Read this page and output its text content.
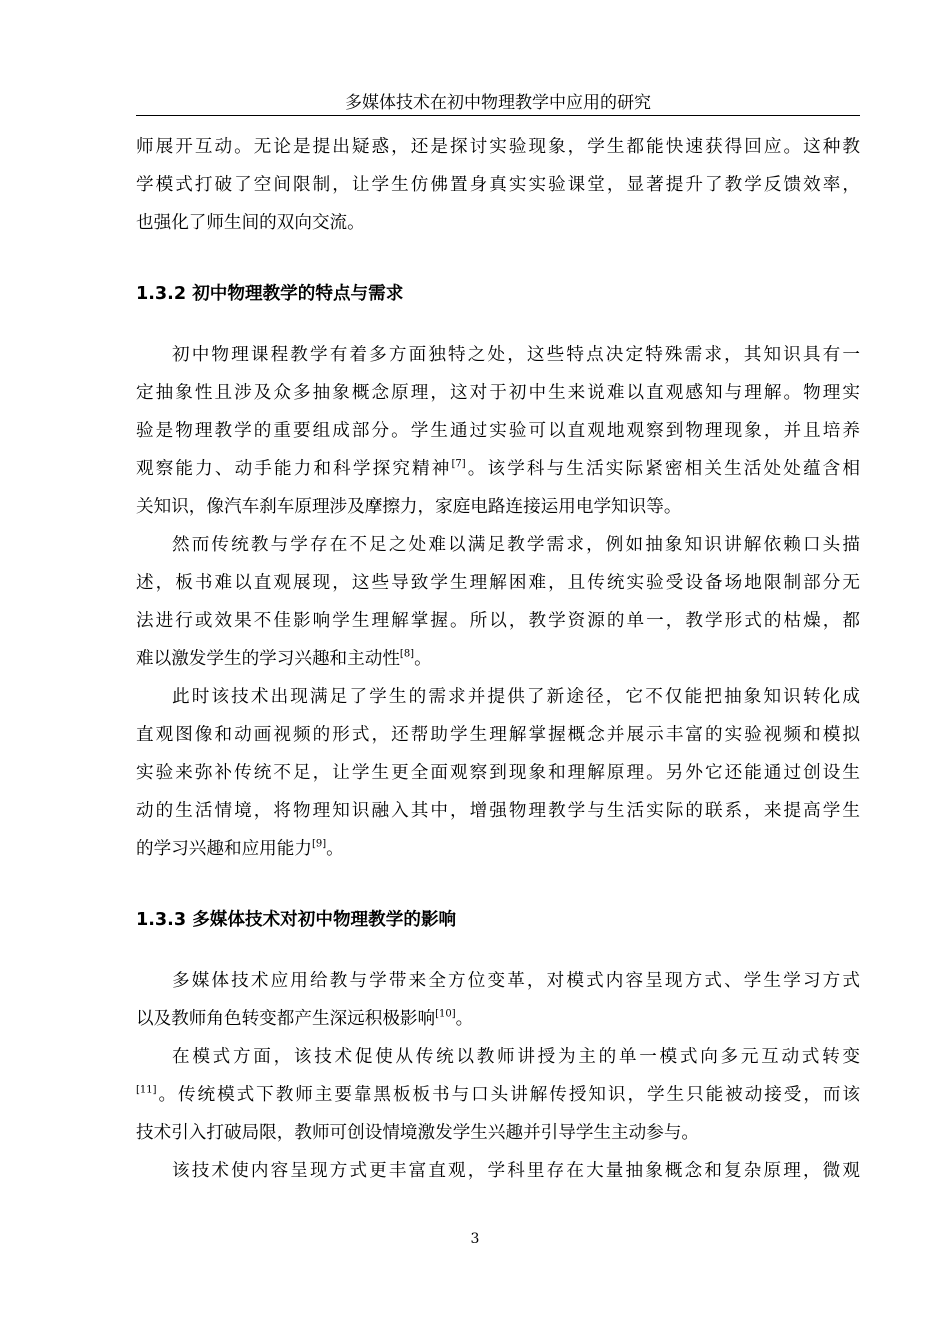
多媒体技术在初中物理教学中应用的研究
师展开互动。无论是提出疑惑，还是探讨实验现象，学生都能快速获得回应。这种教
学模式打破了空间限制，让学生仿佛置身真实实验课堂，显著提升了教学反馈效率，
也强化了师生间的双向交流。
1.3.2 初中物理教学的特点与需求
初中物理课程教学有着多方面独特之处，这些特点决定特殊需求，其知识具有一
定抽象性且涉及众多抽象概念原理，这对于初中生来说难以直观感知与理解。物理实
验是物理教学的重要组成部分。学生通过实验可以直观地观察到物理现象，并且培养
观察能力、动手能力和科学探究精神[7]。该学科与生活实际紧密相关生活处处蕴含相
关知识，像汽车刹车原理涉及摩擦力，家庭电路连接运用电学知识等。
然而传统教与学存在不足之处难以满足教学需求，例如抽象知识讲解依赖口头描
述，板书难以直观展现，这些导致学生理解困难，且传统实验受设备场地限制部分无
法进行或效果不佳影响学生理解掌握。所以，教学资源的单一，教学形式的枯燥，都
难以激发学生的学习兴趣和主动性[8]。
此时该技术出现满足了学生的需求并提供了新途径，它不仅能把抽象知识转化成
直观图像和动画视频的形式，还帮助学生理解掌握概念并展示丰富的实验视频和模拟
实验来弥补传统不足，让学生更全面观察到现象和理解原理。另外它还能通过创设生
动的生活情境，将物理知识融入其中，增强物理教学与生活实际的联系，来提高学生
的学习兴趣和应用能力[9]。
1.3.3 多媒体技术对初中物理教学的影响
多媒体技术应用给教与学带来全方位变革，对模式内容呈现方式、学生学习方式
以及教师角色转变都产生深远积极影响[10]。
在模式方面，该技术促使从传统以教师讲授为主的单一模式向多元互动式转变
[11]。传统模式下教师主要靠黑板板书与口头讲解传授知识，学生只能被动接受，而该
技术引入打破局限，教师可创设情境激发学生兴趣并引导学生主动参与。
该技术使内容呈现方式更丰富直观，学科里存在大量抽象概念和复杂原理，微观
3
